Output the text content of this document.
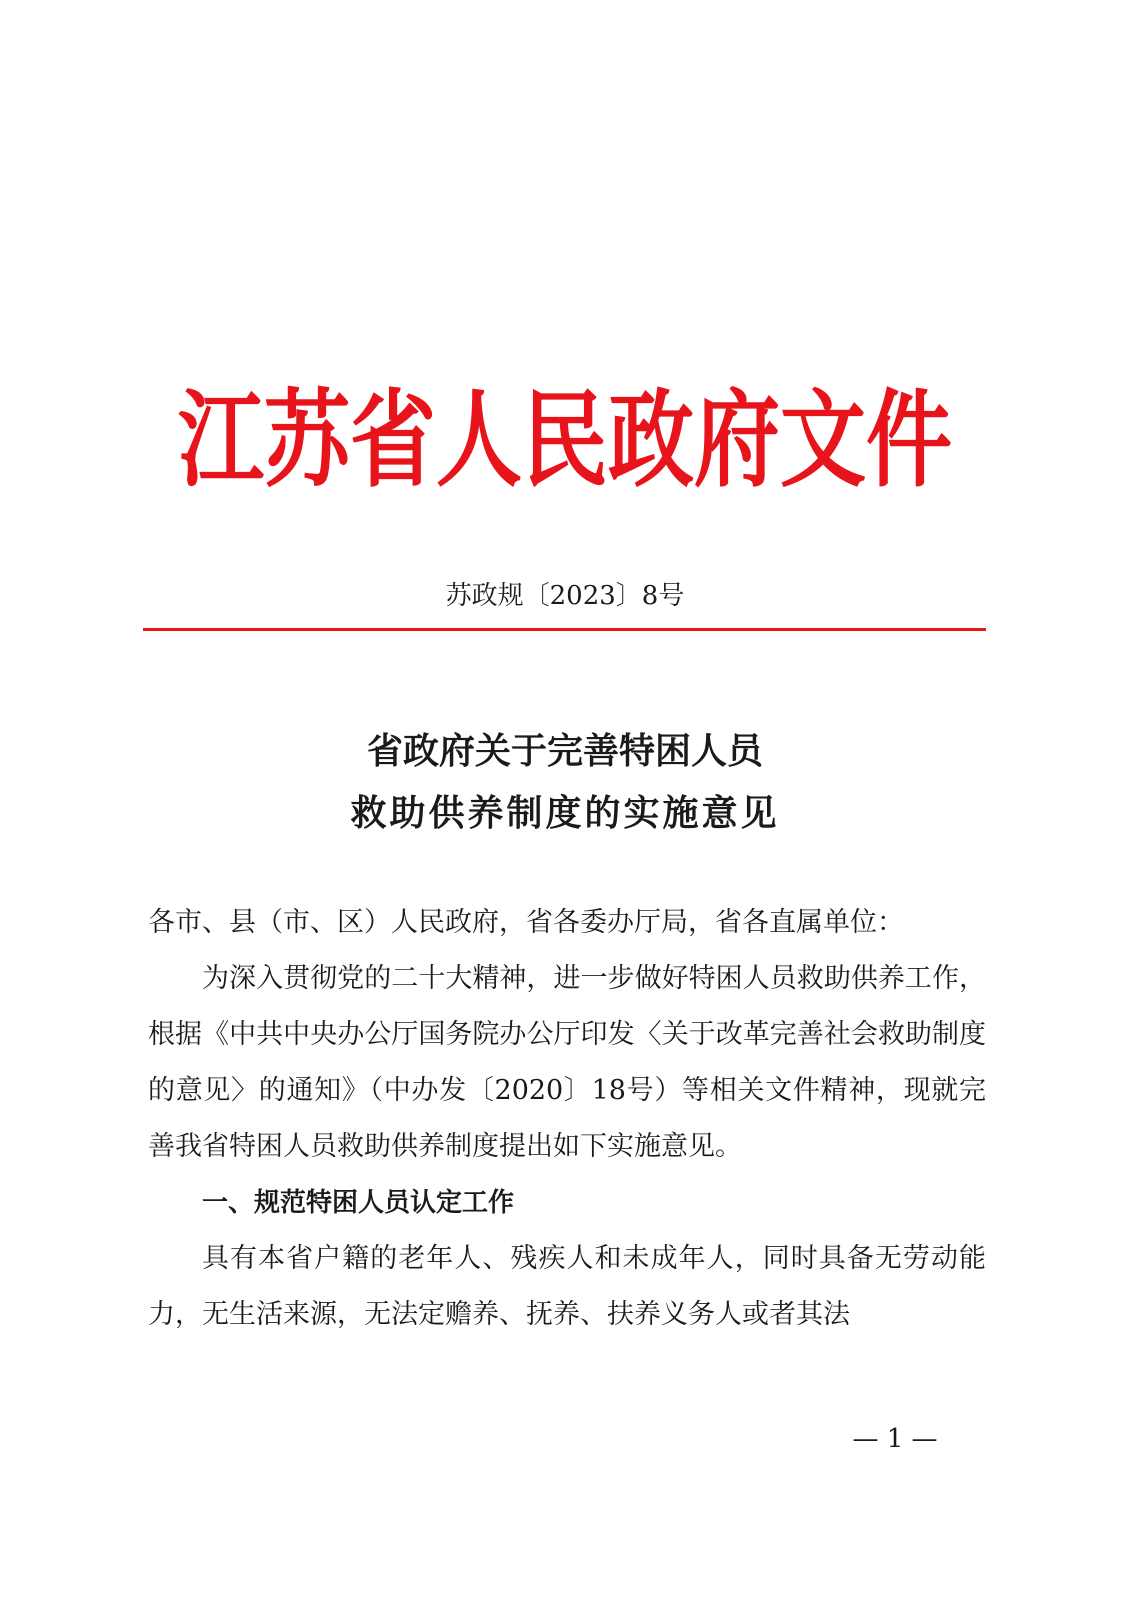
江苏省人民政府文件
苏政规〔2023〕8号
省政府关于完善特困人员
救助供养制度的实施意见

各市、县（市、区）人民政府，省各委办厅局，省各直属单位：

为深入贯彻党的二十大精神，进一步做好特困人员救助供养工作，根据《中共中央办公厅国务院办公厅印发〈关于改革完善社会救助制度的意见〉的通知》（中办发〔2020〕18号）等相关文件精神，现就完善我省特困人员救助供养制度提出如下实施意见。

一、规范特困人员认定工作

具有本省户籍的老年人、残疾人和未成年人，同时具备无劳动能力，无生活来源，无法定赡养、抚养、扶养义务人或者其法

— 1 —
